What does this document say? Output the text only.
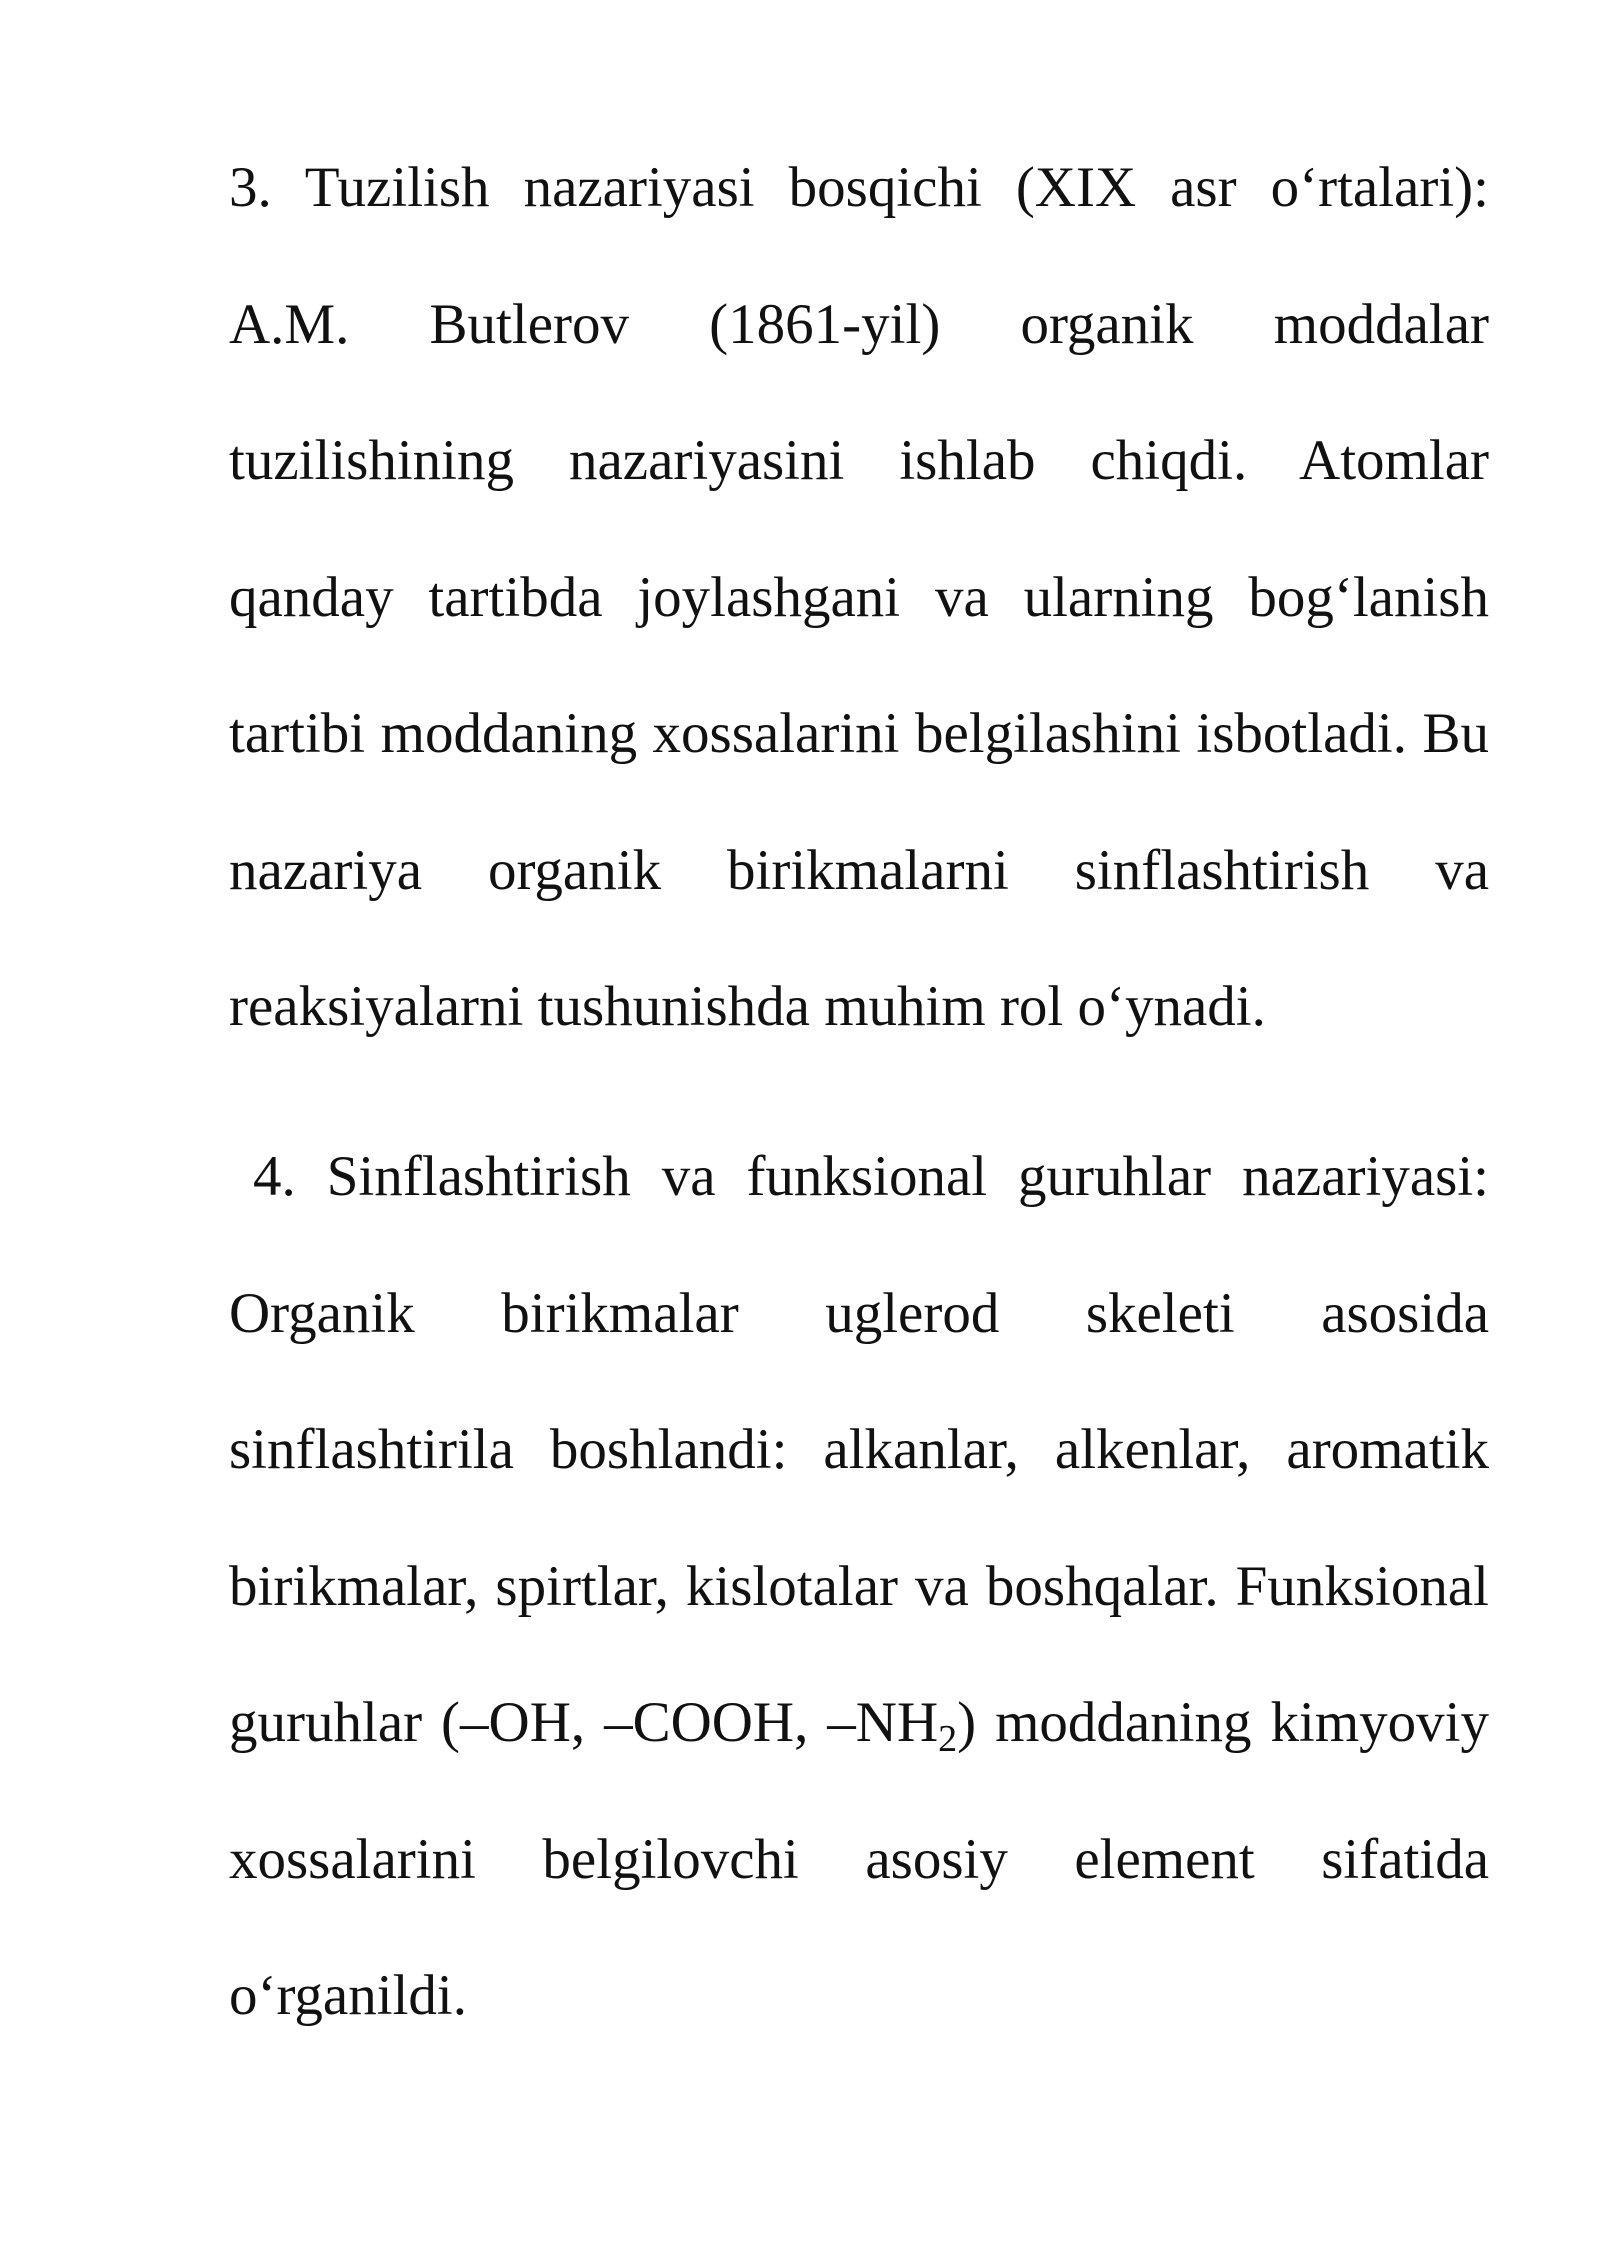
3. Tuzilish nazariyasi bosqichi (XIX asr o‘rtalari): A.M. Butlerov (1861-yil) organik moddalar tuzilishining nazariyasini ishlab chiqdi. Atomlar qanday tartibda joylashgani va ularning bog‘lanish tartibi moddaning xossalarini belgilashini isbotladi. Bu nazariya organik birikmalarni sinflashtirish va reaksiyalarni tushunishda muhim rol o‘ynadi.
4. Sinflashtirish va funksional guruhlar nazariyasi: Organik birikmalar uglerod skeleti asosida sinflashtirila boshlandi: alkanlar, alkenlar, aromatik birikmalar, spirtlar, kislotalar va boshqalar. Funksional guruhlar (–OH, –COOH, $-NH_2$) moddaning kimyoviy xossalarini belgilovchi asosiy element sifatida o‘rganildi.
